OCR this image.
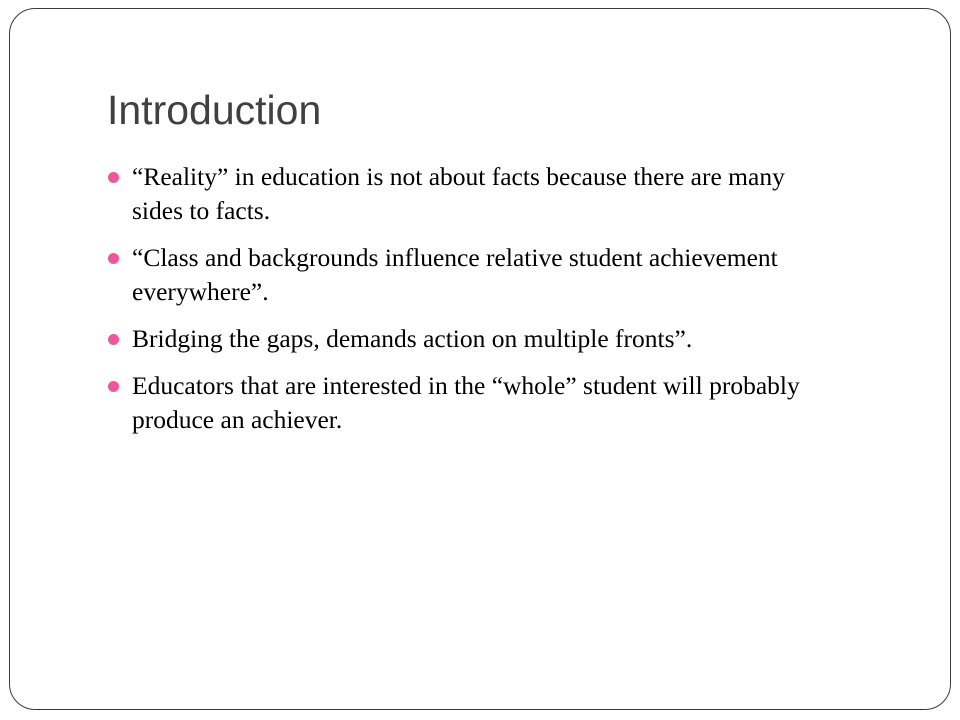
Introduction
“Reality” in education is not about facts because there are many sides to facts.
“Class and backgrounds influence relative student achievement everywhere”.
Bridging the gaps, demands action on multiple fronts”.
Educators that are interested in the “whole” student will probably produce an achiever.
